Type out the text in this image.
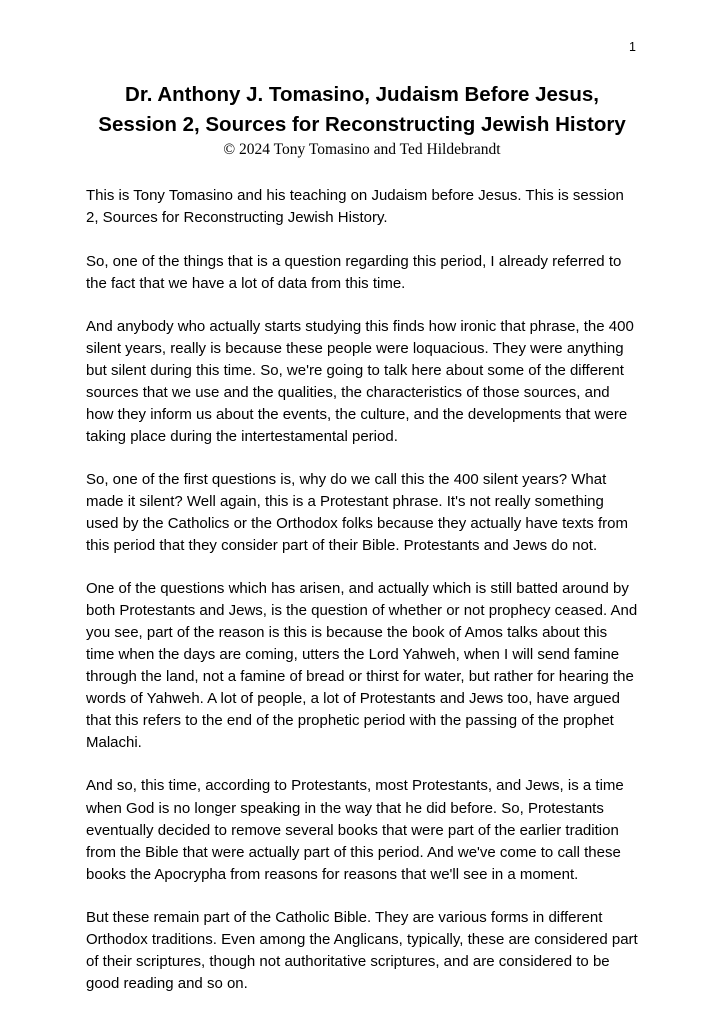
1
Dr. Anthony J. Tomasino, Judaism Before Jesus, Session 2, Sources for Reconstructing Jewish History
© 2024 Tony Tomasino and Ted Hildebrandt

This is Tony Tomasino and his teaching on Judaism before Jesus. This is session 2, Sources for Reconstructing Jewish History.

So, one of the things that is a question regarding this period, I already referred to the fact that we have a lot of data from this time.

And anybody who actually starts studying this finds how ironic that phrase, the 400 silent years, really is because these people were loquacious. They were anything but silent during this time. So, we're going to talk here about some of the different sources that we use and the qualities, the characteristics of those sources, and how they inform us about the events, the culture, and the developments that were taking place during the intertestamental period.

So, one of the first questions is, why do we call this the 400 silent years? What made it silent? Well again, this is a Protestant phrase. It's not really something used by the Catholics or the Orthodox folks because they actually have texts from this period that they consider part of their Bible. Protestants and Jews do not.

One of the questions which has arisen, and actually which is still batted around by both Protestants and Jews, is the question of whether or not prophecy ceased. And you see, part of the reason is this is because the book of Amos talks about this time when the days are coming, utters the Lord Yahweh, when I will send famine through the land, not a famine of bread or thirst for water, but rather for hearing the words of Yahweh. A lot of people, a lot of Protestants and Jews too, have argued that this refers to the end of the prophetic period with the passing of the prophet Malachi.

And so, this time, according to Protestants, most Protestants, and Jews, is a time when God is no longer speaking in the way that he did before. So, Protestants eventually decided to remove several books that were part of the earlier tradition from the Bible that were actually part of this period. And we've come to call these books the Apocrypha from reasons for reasons that we'll see in a moment.

But these remain part of the Catholic Bible. They are various forms in different Orthodox traditions. Even among the Anglicans, typically, these are considered part of their scriptures, though not authoritative scriptures, and are considered to be good reading and so on.
